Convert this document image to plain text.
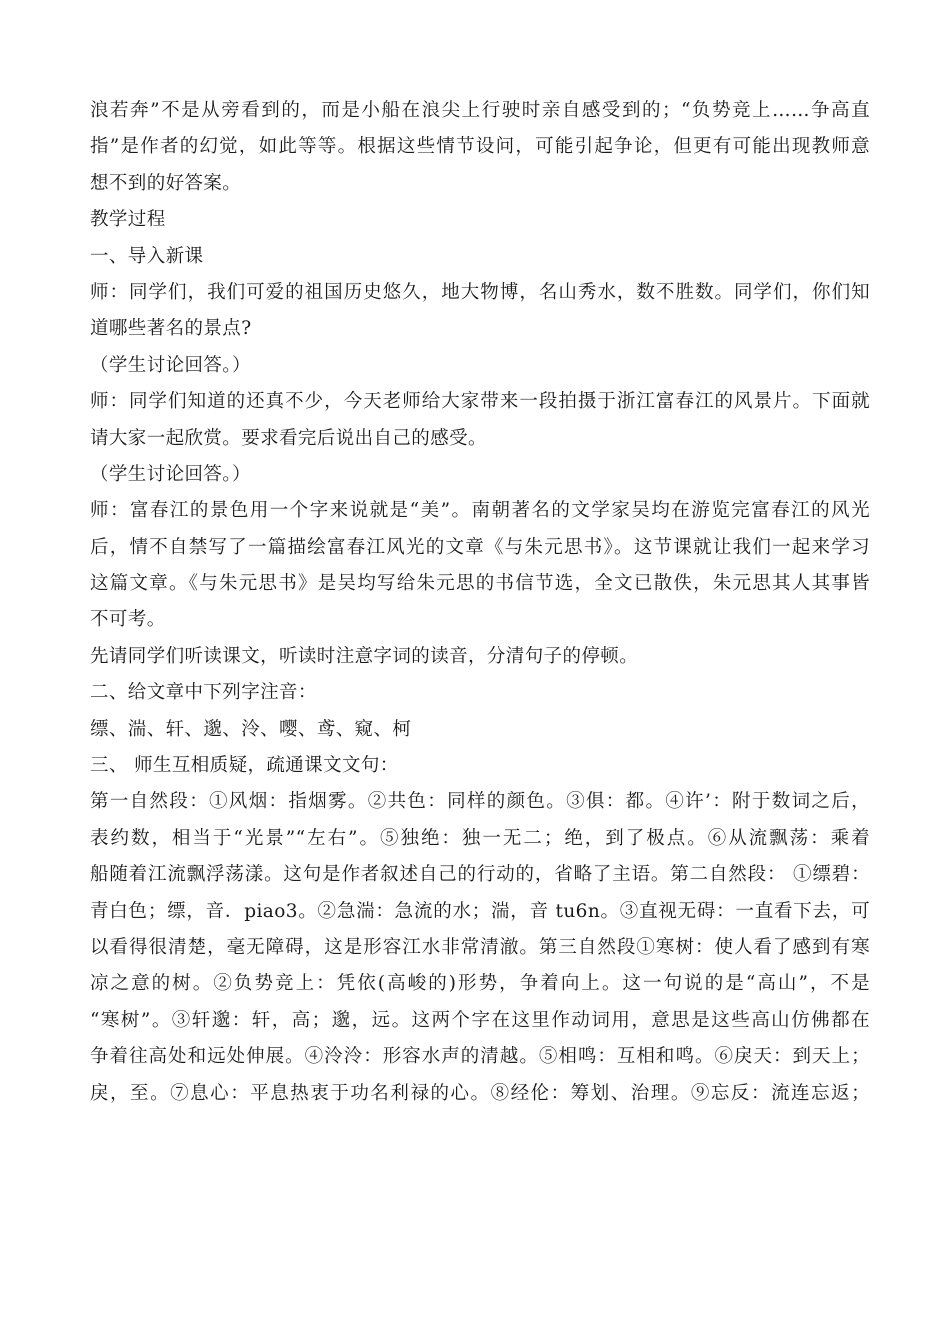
浪若奔”不是从旁看到的，而是小船在浪尖上行驶时亲自感受到的；“负势竞上……争高直
指”是作者的幻觉，如此等等。根据这些情节设问，可能引起争论，但更有可能出现教师意
想不到的好答案。
教学过程
一、导入新课
师：同学们，我们可爱的祖国历史悠久，地大物博，名山秀水，数不胜数。同学们，你们知
道哪些著名的景点?
（学生讨论回答。）
师：同学们知道的还真不少，今天老师给大家带来一段拍摄于浙江富春江的风景片。下面就
请大家一起欣赏。要求看完后说出自己的感受。
（学生讨论回答。）
师：富春江的景色用一个字来说就是“美”。南朝著名的文学家吴均在游览完富春江的风光
后，情不自禁写了一篇描绘富春江风光的文章《与朱元思书》。这节课就让我们一起来学习
这篇文章。《与朱元思书》是吴均写给朱元思的书信节选，全文已散佚，朱元思其人其事皆
不可考。
先请同学们听读课文，听读时注意字词的读音，分清句子的停顿。
二、给文章中下列字注音：
缥、湍、轩、邈、泠、嘤、鸢、窥、柯
三、 师生互相质疑，疏通课文文句：
第一自然段：①风烟：指烟雾。②共色：同样的颜色。③俱：都。④许’：附于数词之后，
表约数，相当于“光景”“左右”。⑤独绝：独一无二；绝，到了极点。⑥从流飘荡：乘着
船随着江流飘浮荡漾。这句是作者叙述自己的行动的，省略了主语。第二自然段： ①缥碧：
青白色；缥，音．piao3。②急湍：急流的水；湍，音 tu6n。③直视无碍：一直看下去，可
以看得很清楚，毫无障碍，这是形容江水非常清澈。第三自然段①寒树：使人看了感到有寒
凉之意的树。②负势竞上：凭依(高峻的)形势，争着向上。这一句说的是“高山”，不是
“寒树”。③轩邈：轩，高；邈，远。这两个字在这里作动词用，意思是这些高山仿佛都在
争着往高处和远处伸展。④泠泠：形容水声的清越。⑤相鸣：互相和鸣。⑥戾天：到天上；
戾，至。⑦息心：平息热衷于功名利禄的心。⑧经伦：筹划、治理。⑨忘反：流连忘返；
